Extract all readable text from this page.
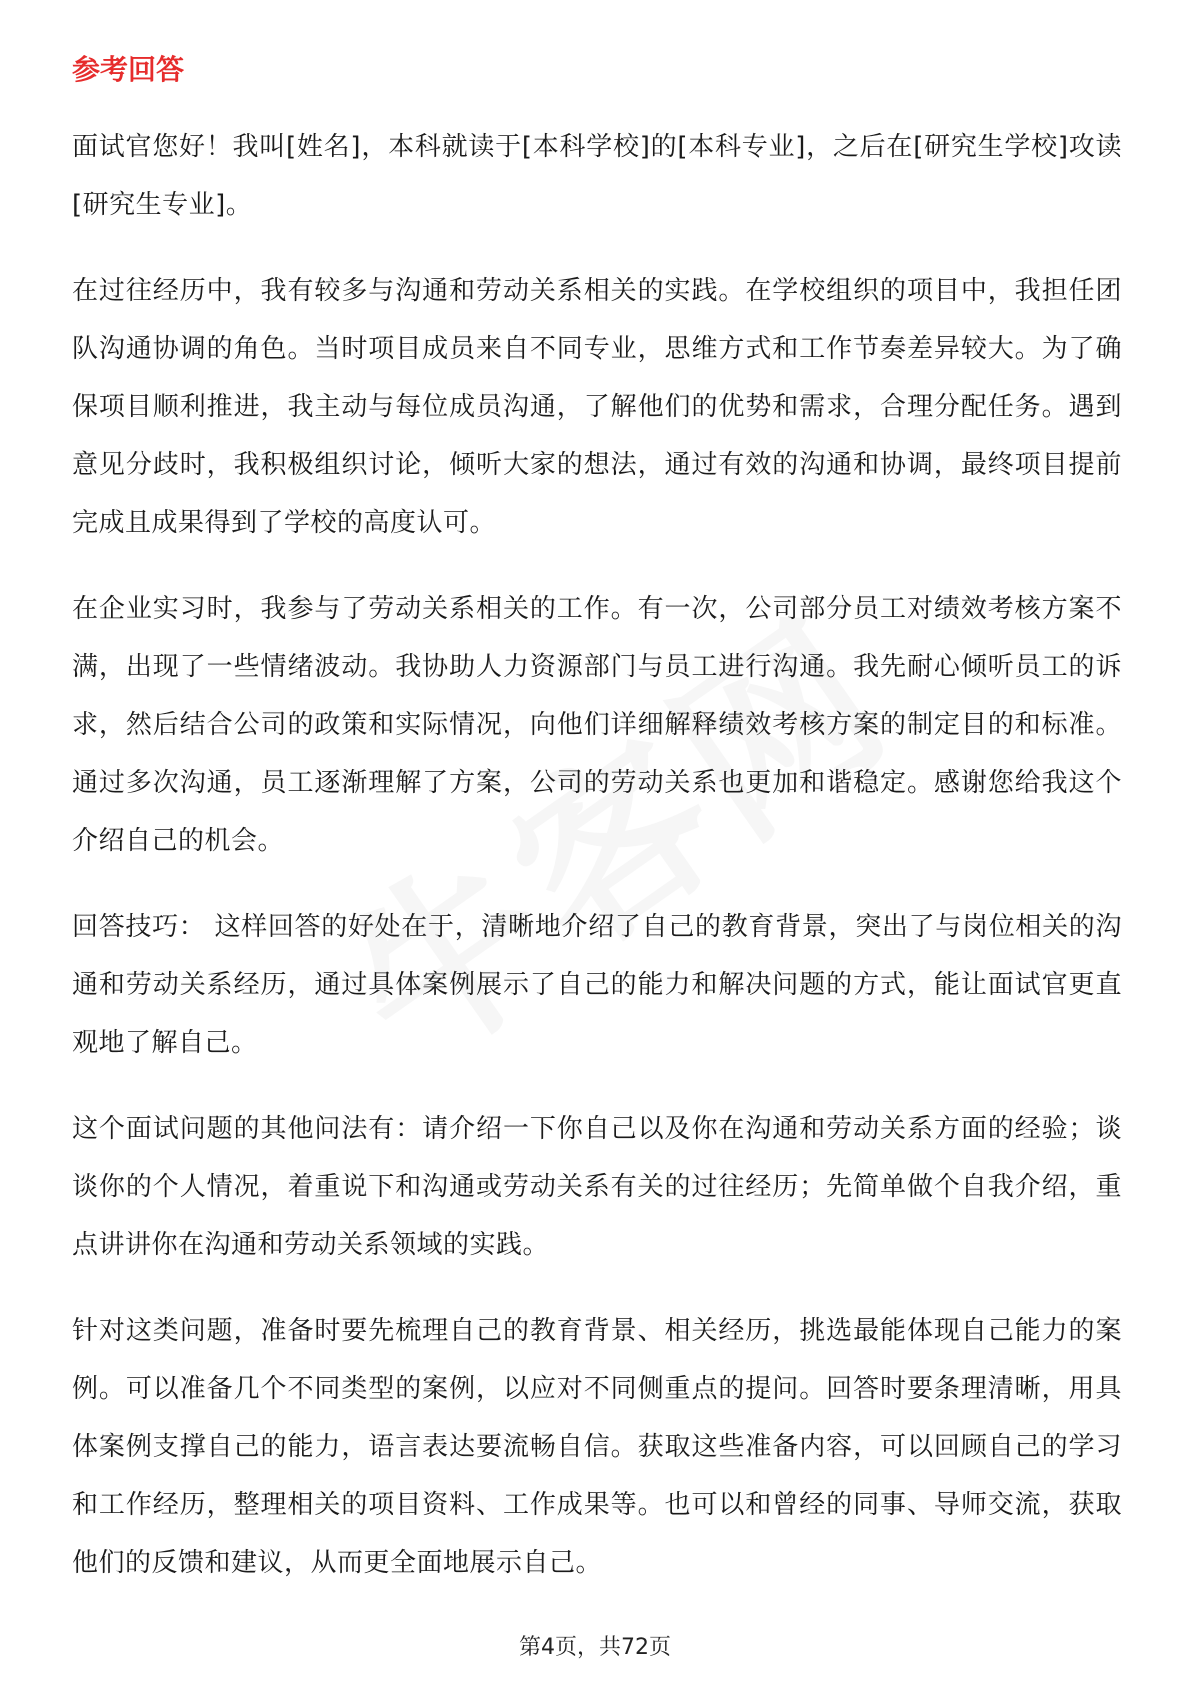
参考回答

面试官您好！我叫[姓名]，本科就读于[本科学校]的[本科专业]，之后在[研究生学校]攻读[研究生专业]。

在过往经历中，我有较多与沟通和劳动关系相关的实践。在学校组织的项目中，我担任团队沟通协调的角色。当时项目成员来自不同专业，思维方式和工作节奏差异较大。为了确保项目顺利推进，我主动与每位成员沟通，了解他们的优势和需求，合理分配任务。遇到意见分歧时，我积极组织讨论，倾听大家的想法，通过有效的沟通和协调，最终项目提前完成且成果得到了学校的高度认可。

在企业实习时，我参与了劳动关系相关的工作。有一次，公司部分员工对绩效考核方案不满，出现了一些情绪波动。我协助人力资源部门与员工进行沟通。我先耐心倾听员工的诉求，然后结合公司的政策和实际情况，向他们详细解释绩效考核方案的制定目的和标准。通过多次沟通，员工逐渐理解了方案，公司的劳动关系也更加和谐稳定。感谢您给我这个介绍自己的机会。

回答技巧： 这样回答的好处在于，清晰地介绍了自己的教育背景，突出了与岗位相关的沟通和劳动关系经历，通过具体案例展示了自己的能力和解决问题的方式，能让面试官更直观地了解自己。

这个面试问题的其他问法有：请介绍一下你自己以及你在沟通和劳动关系方面的经验；谈谈你的个人情况，着重说下和沟通或劳动关系有关的过往经历；先简单做个自我介绍，重点讲讲你在沟通和劳动关系领域的实践。

针对这类问题，准备时要先梳理自己的教育背景、相关经历，挑选最能体现自己能力的案例。可以准备几个不同类型的案例，以应对不同侧重点的提问。回答时要条理清晰，用具体案例支撑自己的能力，语言表达要流畅自信。获取这些准备内容，可以回顾自己的学习和工作经历，整理相关的项目资料、工作成果等。也可以和曾经的同事、导师交流，获取他们的反馈和建议，从而更全面地展示自己。

第4页，共72页
